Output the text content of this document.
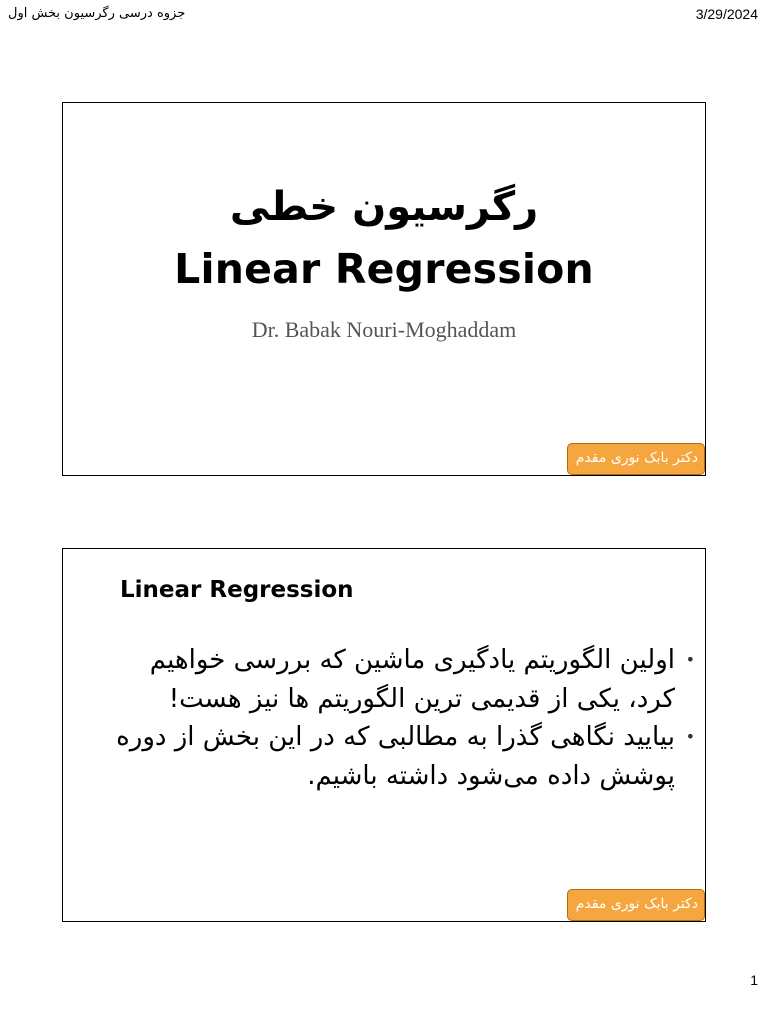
جزوه درسی رگرسیون بخش اول	3/29/2024
رگرسیون خطی
Linear Regression
Dr. Babak Nouri-Moghaddam
دکتر بابک نوری مقدم
Linear Regression
• اولین الگوریتم یادگیری ماشین که بررسی خواهیم کرد، یکی از قدیمی ترین الگوریتم ها نیز هست!
• بیایید نگاهی گذرا به مطالبی که در این بخش از دوره پوشش داده می‌شود داشته باشیم.
دکتر بابک نوری مقدم
1
